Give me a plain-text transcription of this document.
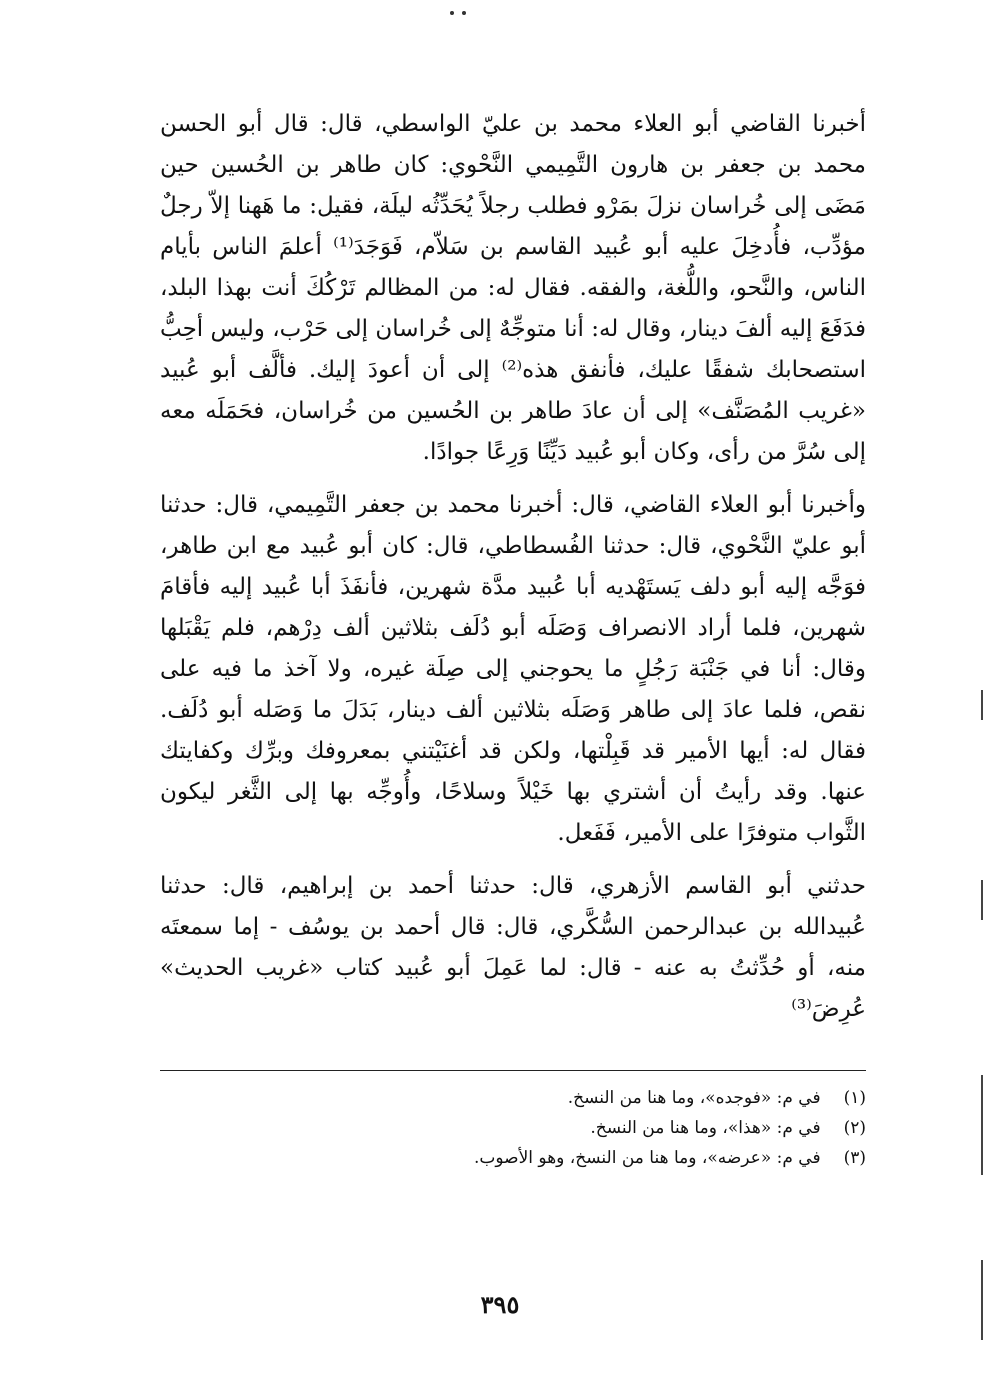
أخبرنا القاضي أبو العلاء محمد بن عليّ الواسطي، قال: قال أبو الحسن محمد بن جعفر بن هارون التَّمِيمي النَّحْوي: كان طاهر بن الحُسين حين مَضَى إلى خُراسان نزلَ بمَرْو فطلب رجلاً يُحَدِّثُه ليلَة، فقيل: ما هَهنا إلاّ رجلٌ مؤدِّب، فأُدخِلَ عليه أبو عُبيد القاسم بن سَلاّم، فَوَجَدَ⁽¹⁾ أعلمَ الناس بأيام الناس، والنَّحو، واللُّغة، والفقه. فقال له: من المظالم تَرْكُكَ أنت بهذا البلد، فدَفَعَ إليه ألفَ دينار، وقال له: أنا متوجِّهٌ إلى خُراسان إلى حَرْب، وليس أحِبُّ استصحابك شفقًا عليك، فأنفق هذه⁽²⁾ إلى أن أعودَ إليك. فألَّف أبو عُبيد «غريب المُصَنَّف» إلى أن عادَ طاهر بن الحُسين من خُراسان، فحَمَلَه معه إلى سُرَّ من رأى، وكان أبو عُبيد دَيِّنًا وَرِعًا جوادًا.

وأخبرنا أبو العلاء القاضي، قال: أخبرنا محمد بن جعفر التَّمِيمي، قال: حدثنا أبو عليّ النَّحْوي، قال: حدثنا الفُسطاطي، قال: كان أبو عُبيد مع ابن طاهر، فوَجَّه إليه أبو دلف يَستَهْديه أبا عُبيد مدَّة شهرين، فأنفَذَ أبا عُبيد إليه فأقامَ شهرين، فلما أراد الانصراف وَصَلَه أبو دُلَف بثلاثين ألف دِرْهم، فلم يَقْبَلها وقال: أنا في جَنْبَة رَجُلٍ ما يحوجني إلى صِلَة غيره، ولا آخذ ما فيه على نقص، فلما عادَ إلى طاهر وَصَلَه بثلاثين ألف دينار، بَدَلَ ما وَصَله أبو دُلَف. فقال له: أيها الأمير قد قَبِلْتها، ولكن قد أغنَيْتني بمعروفك وبرِّك وكفايتك عنها. وقد رأيتُ أن أشتري بها خَيْلاً وسلاحًا، وأُوجِّه بها إلى الثَّغر ليكون الثَّواب متوفرًا على الأمير، فَفَعل.

حدثني أبو القاسم الأزهري، قال: حدثنا أحمد بن إبراهيم، قال: حدثنا عُبيدالله بن عبدالرحمن السُّكَّري، قال: قال أحمد بن يوسُف - إما سمعتَه منه، أو حُدِّثتُ به عنه - قال: لما عَمِلَ أبو عُبيد كتاب «غريب الحديث» عُرِضَ⁽³⁾

(١) في م: «فوجده»، وما هنا من النسخ.

(٢) في م: «هذا»، وما هنا من النسخ.

(٣) في م: «عرضه»، وما هنا من النسخ، وهو الأصوب.

٣٩٥
